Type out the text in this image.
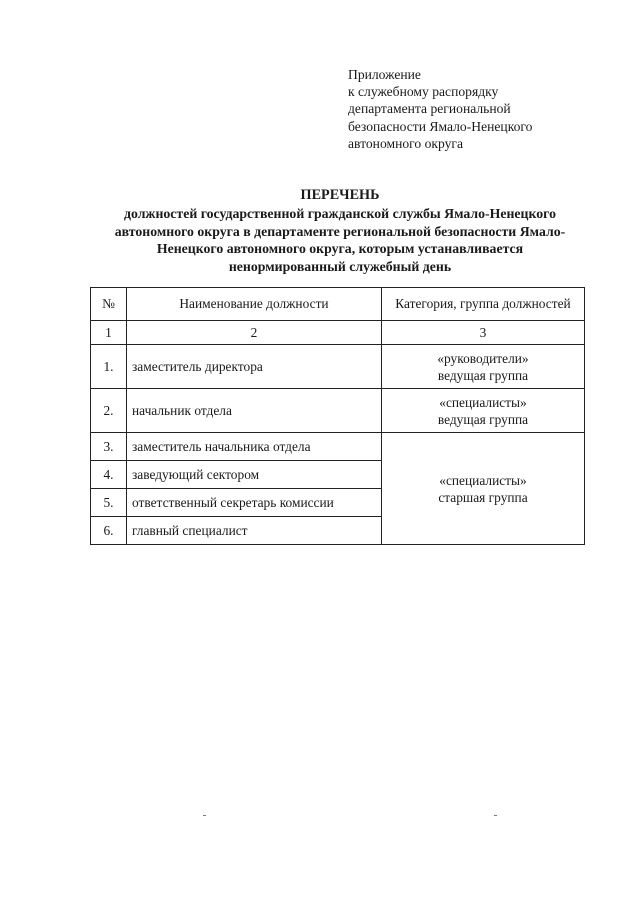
Приложение
к служебному распорядку
департамента региональной
безопасности Ямало-Ненецкого
автономного округа
ПЕРЕЧЕНЬ
должностей государственной гражданской службы Ямало-Ненецкого
автономного округа в департаменте региональной безопасности Ямало-
Ненецкого автономного округа, которым устанавливается
ненормированный служебный день
№	Наименование должности	Категория, группа должностей
1	2	3
1.	заместитель директора	«руководители»
ведущая группа

2.	начальник отдела	«специалисты»
ведущая группа

3.	заместитель начальника отдела	«специалисты»
старшая группа

4.	заведующий сектором	
5.	ответственный секретарь комиссии	
6.	главный специалист	
